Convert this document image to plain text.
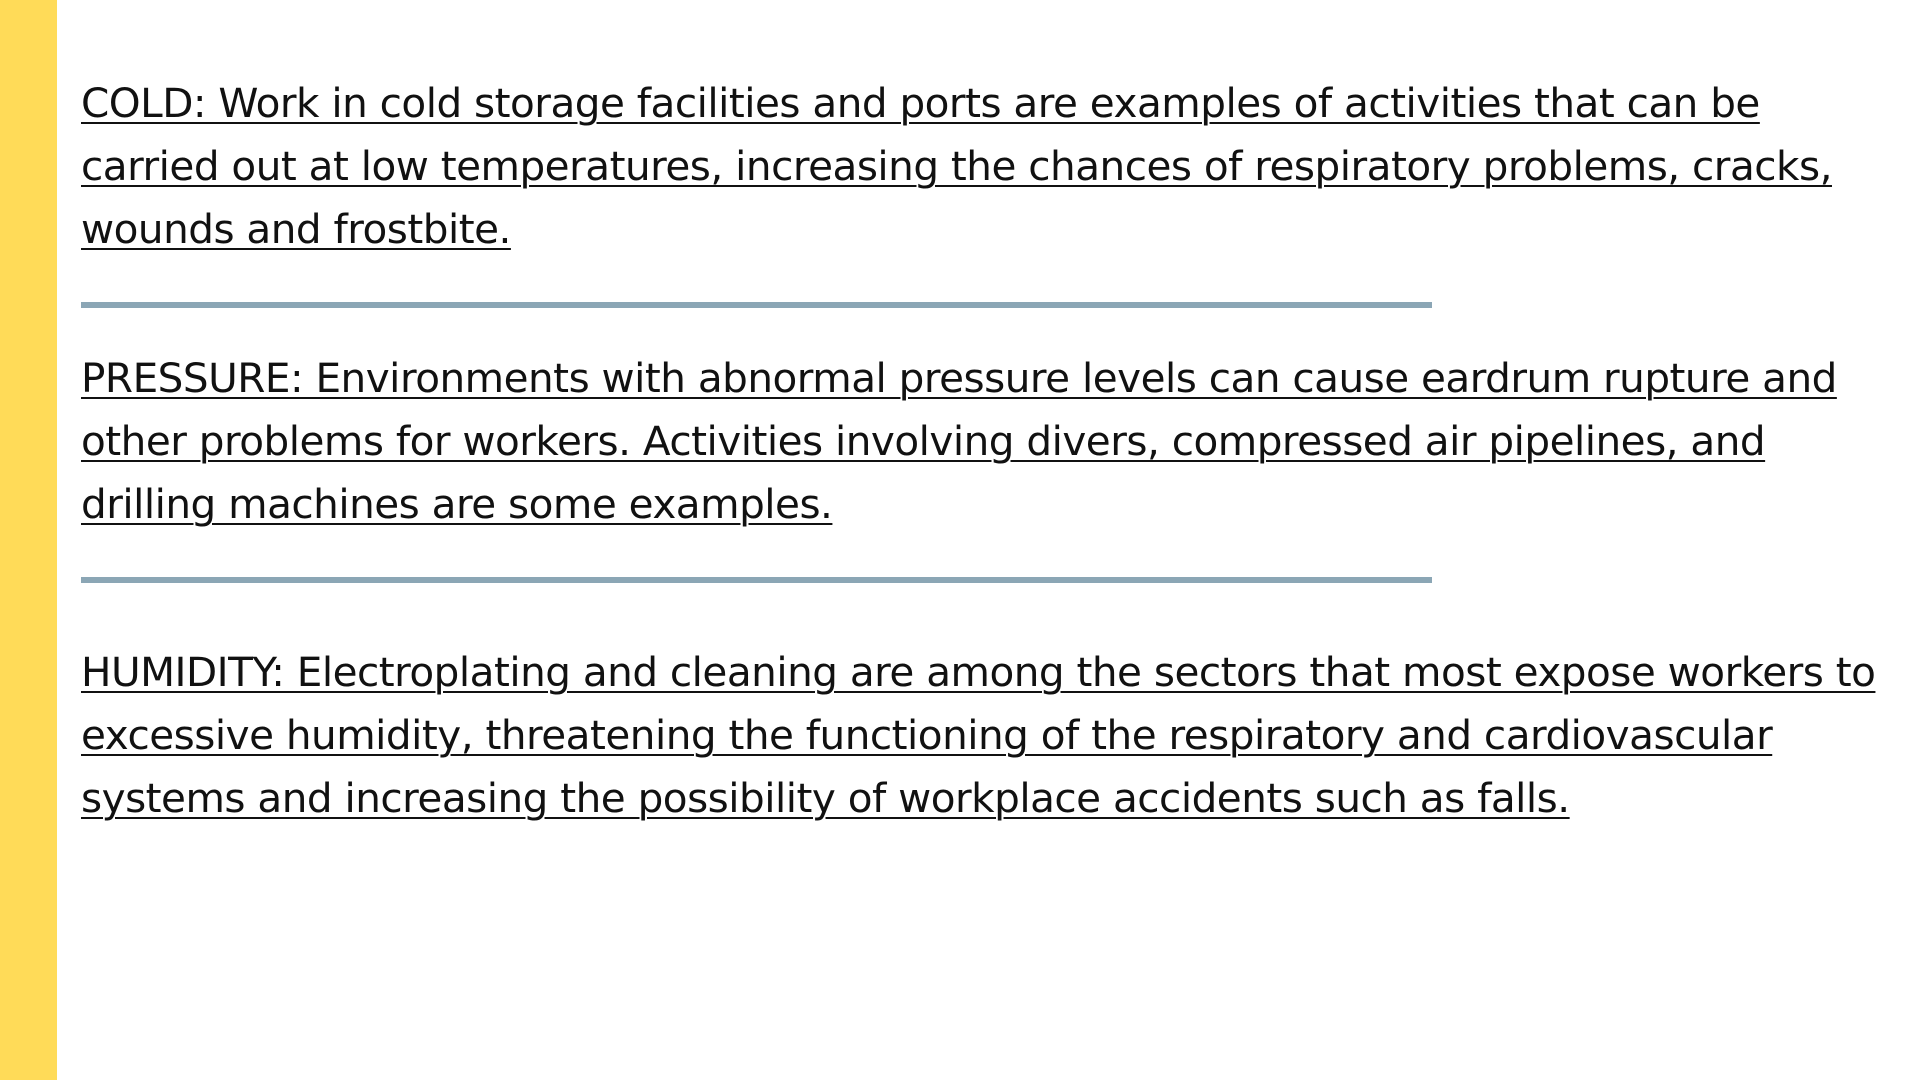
COLD: Work in cold storage facilities and ports are examples of activities that can be carried out at low temperatures, increasing the chances of respiratory problems, cracks, wounds and frostbite.

PRESSURE: Environments with abnormal pressure levels can cause eardrum rupture and other problems for workers. Activities involving divers, compressed air pipelines, and drilling machines are some examples.

HUMIDITY: Electroplating and cleaning are among the sectors that most expose workers to excessive humidity, threatening the functioning of the respiratory and cardiovascular systems and increasing the possibility of workplace accidents such as falls.
